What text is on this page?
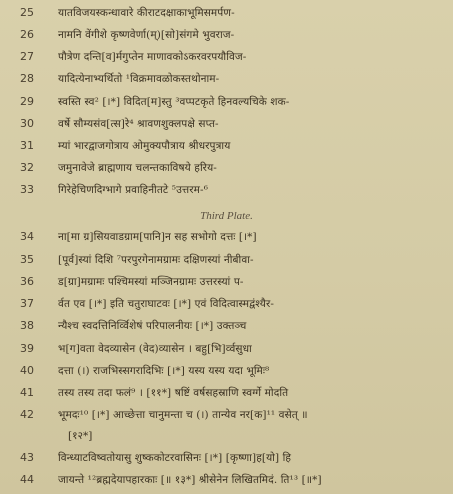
25	यातविजयस्कन्धावारे कीराटदक्षाकाभूमिसमर्पण-
26	नामनि वेंगीशे कृष्णवेर्णा(म्)[सो]संगमे भुवराज-
27	पौत्रेण दन्ति[व]र्मगुप्तेन माणावकोऽकरवरपयौविज-
28	यादित्येनाभ्यर्थितो ¹विक्रमावळोकस्तथोनाम-
29	स्वस्ति स्व² [।*] विदित[म]स्तु ³वप्पटकृते हिनवल्यचिके शक-
30	वर्षे सौम्यसंव[त्स]रे⁴ श्रावणशुक्लपक्षे सप्त-
31	म्यां भारद्वाजगोत्राय ओमुक्यपौत्राय श्रीधरपुत्राय
32	जमुनावेजे ब्राह्मणाय चलन्तकाविषये हरिय-
33	गिरेहेचिणदिग्भागे प्रवाहिनीतटे ⁵उत्तरम-⁶
Third Plate.
34	ना[मा ग्र]सियवाडग्राम[पानि]न सह सभोगो दत्तः [।*]
35	[पूर्व]स्यां दिशि ⁷परपुरगेनामग्रामः दक्षिणस्यां नीबीवा-
36	ड[ग्रा]मग्रामः पश्चिमस्यां मञ्जिनग्रामः उत्तरस्यां प-
37	र्वत एव [।*] इति चतुराघाटवः [।*] एवं विदित्वास्मद्वंश्यैर-
38	न्यैश्च स्वदत्तिनिर्व्विशेषं परिपालनीयः [।*] उक्तञ्च
39	भ[ग]वता वेदव्यासेन (वेद)व्यासेन । बहु[भि]र्व्वसुधा
40	दत्ता (।) राजभिस्सगरादिभिः [।*] यस्य यस्य यदा भूमिः⁸
41	तस्य तस्य तदा फलं⁹ । [११*] षष्टिं वर्षसहस्राणि स्वर्ग्गे मोदति
42	भूमदः¹⁰ [।*] आच्छेत्ता चानुमन्ता च (।) तान्येव नर[क]¹¹ वसेत् ॥
[१२*]
43	विन्ध्याटविष्वतोयासु शुष्ककोटरवासिनः [।*] [कृष्णा]ह[यो] हि
44	जायन्ते ¹²ब्रह्मदेयापहारकाः [॥ १३*] श्रीसेनेन लिखितमिदं. ति¹³ [॥*]
